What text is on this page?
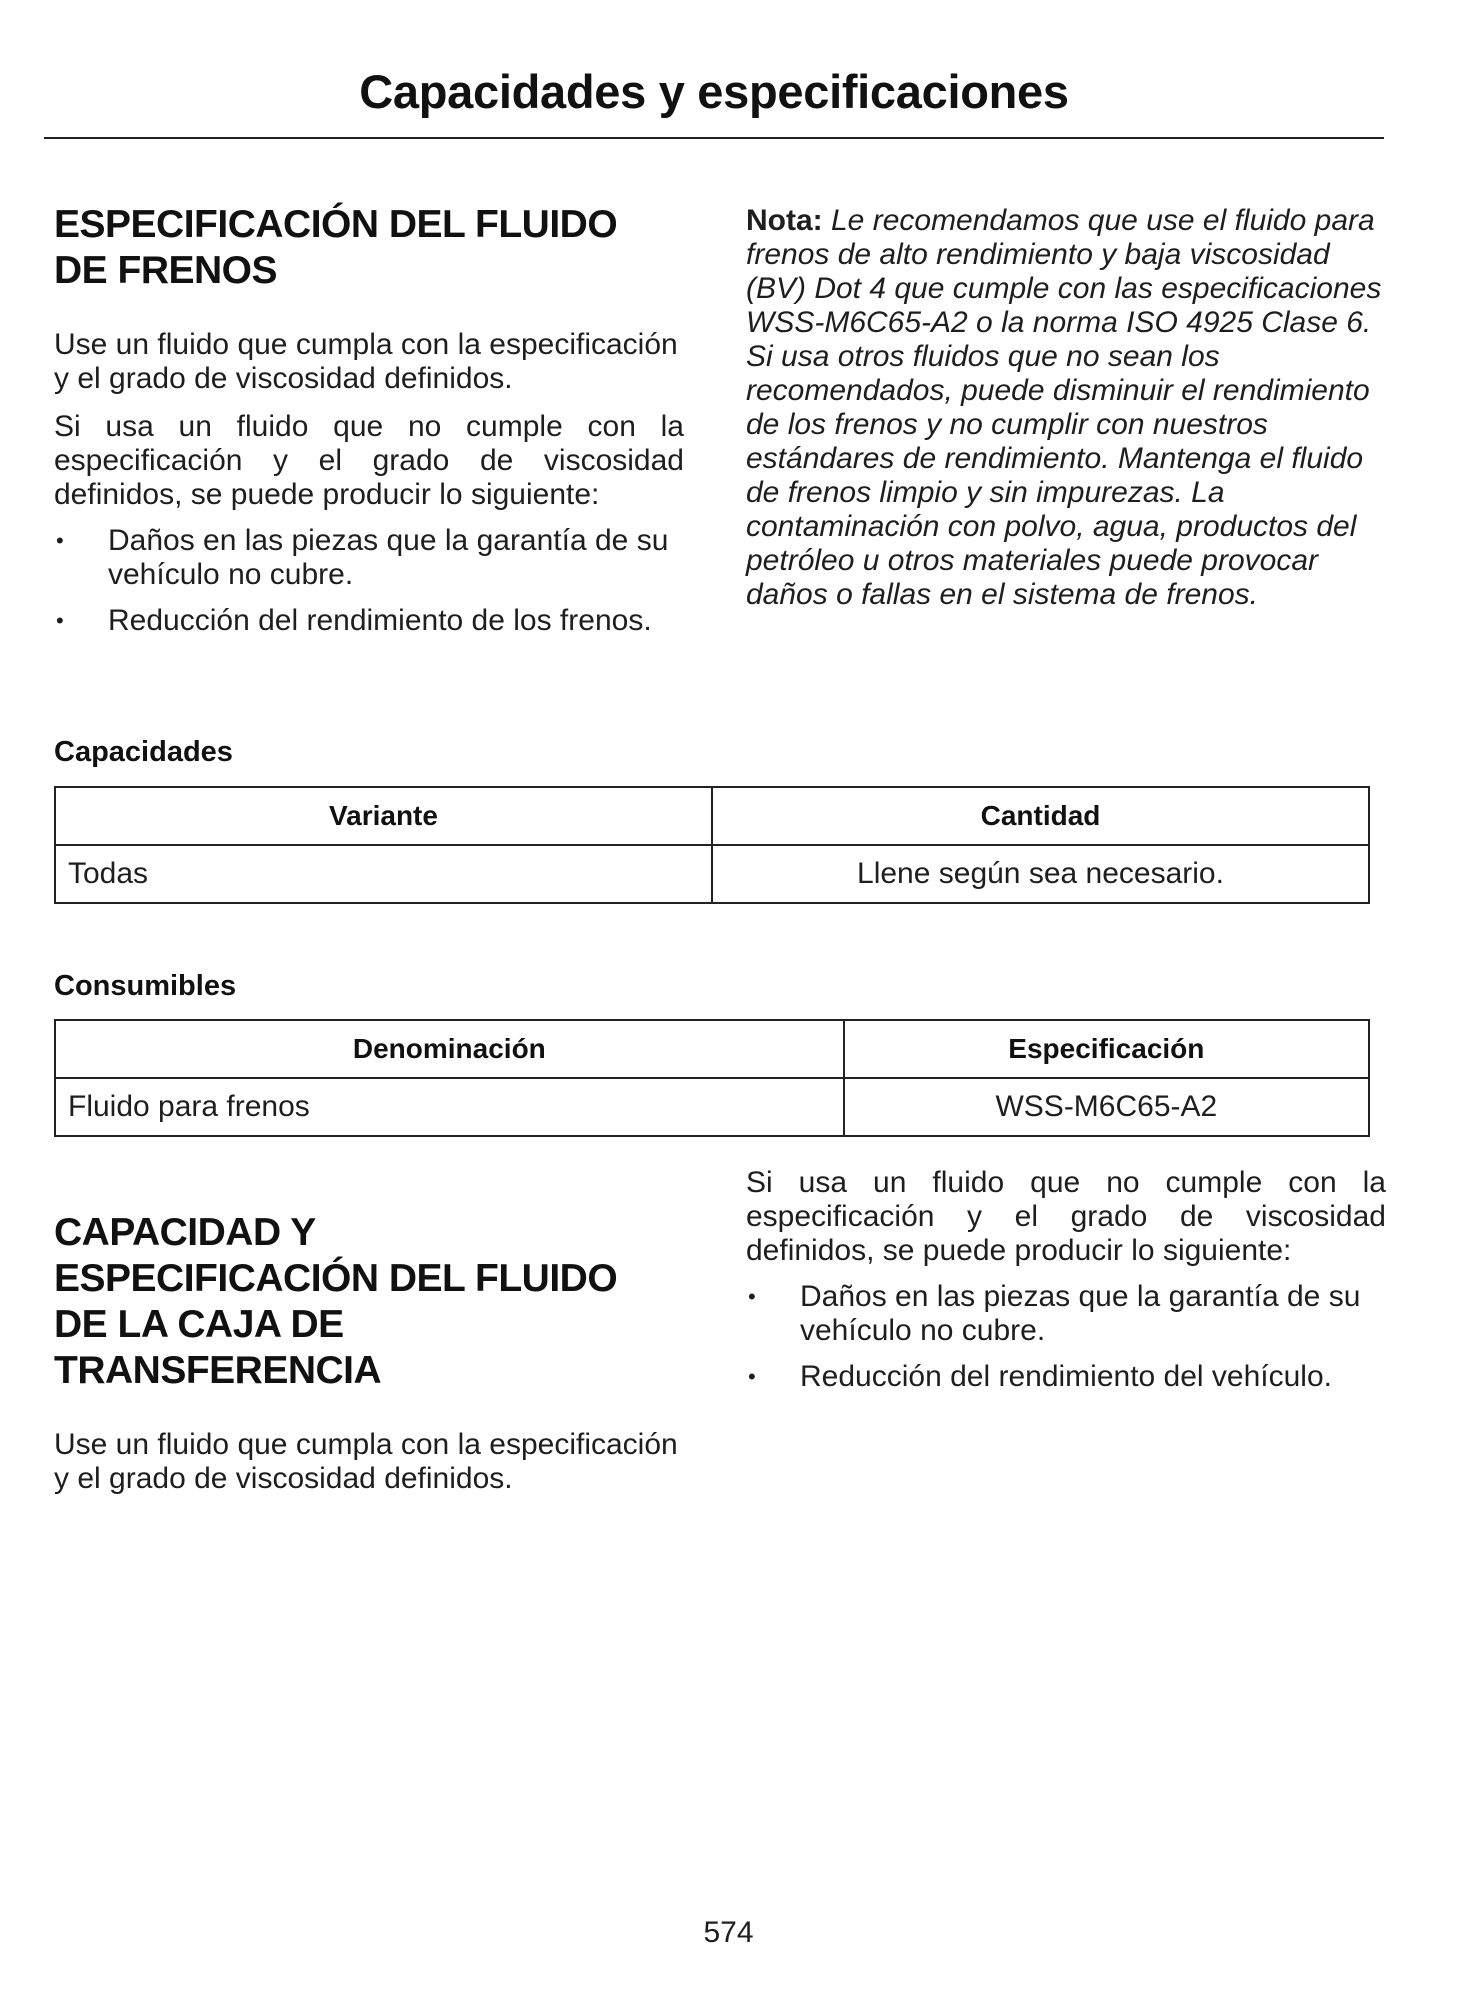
Capacidades y especificaciones
ESPECIFICACIÓN DEL FLUIDO
DE FRENOS

Use un fluido que cumpla con la especificación y el grado de viscosidad definidos.

Si usa un fluido que no cumple con la especificación y el grado de viscosidad definidos, se puede producir lo siguiente:

• Daños en las piezas que la garantía de su vehículo no cubre.
• Reducción del rendimiento de los frenos.
Nota: Le recomendamos que use el fluido para frenos de alto rendimiento y baja viscosidad (BV) Dot 4 que cumple con las especificaciones WSS-M6C65-A2 o la norma ISO 4925 Clase 6. Si usa otros fluidos que no sean los recomendados, puede disminuir el rendimiento de los frenos y no cumplir con nuestros estándares de rendimiento. Mantenga el fluido de frenos limpio y sin impurezas. La contaminación con polvo, agua, productos del petróleo u otros materiales puede provocar daños o fallas en el sistema de frenos.
Capacidades
Variante	Cantidad
Todas	Llene según sea necesario.
Consumibles
Denominación	Especificación
Fluido para frenos	WSS-M6C65-A2
CAPACIDAD Y
ESPECIFICACIÓN DEL FLUIDO
DE LA CAJA DE
TRANSFERENCIA

Use un fluido que cumpla con la especificación y el grado de viscosidad definidos.

Si usa un fluido que no cumple con la especificación y el grado de viscosidad definidos, se puede producir lo siguiente:

• Daños en las piezas que la garantía de su vehículo no cubre.
• Reducción del rendimiento del vehículo.
574
